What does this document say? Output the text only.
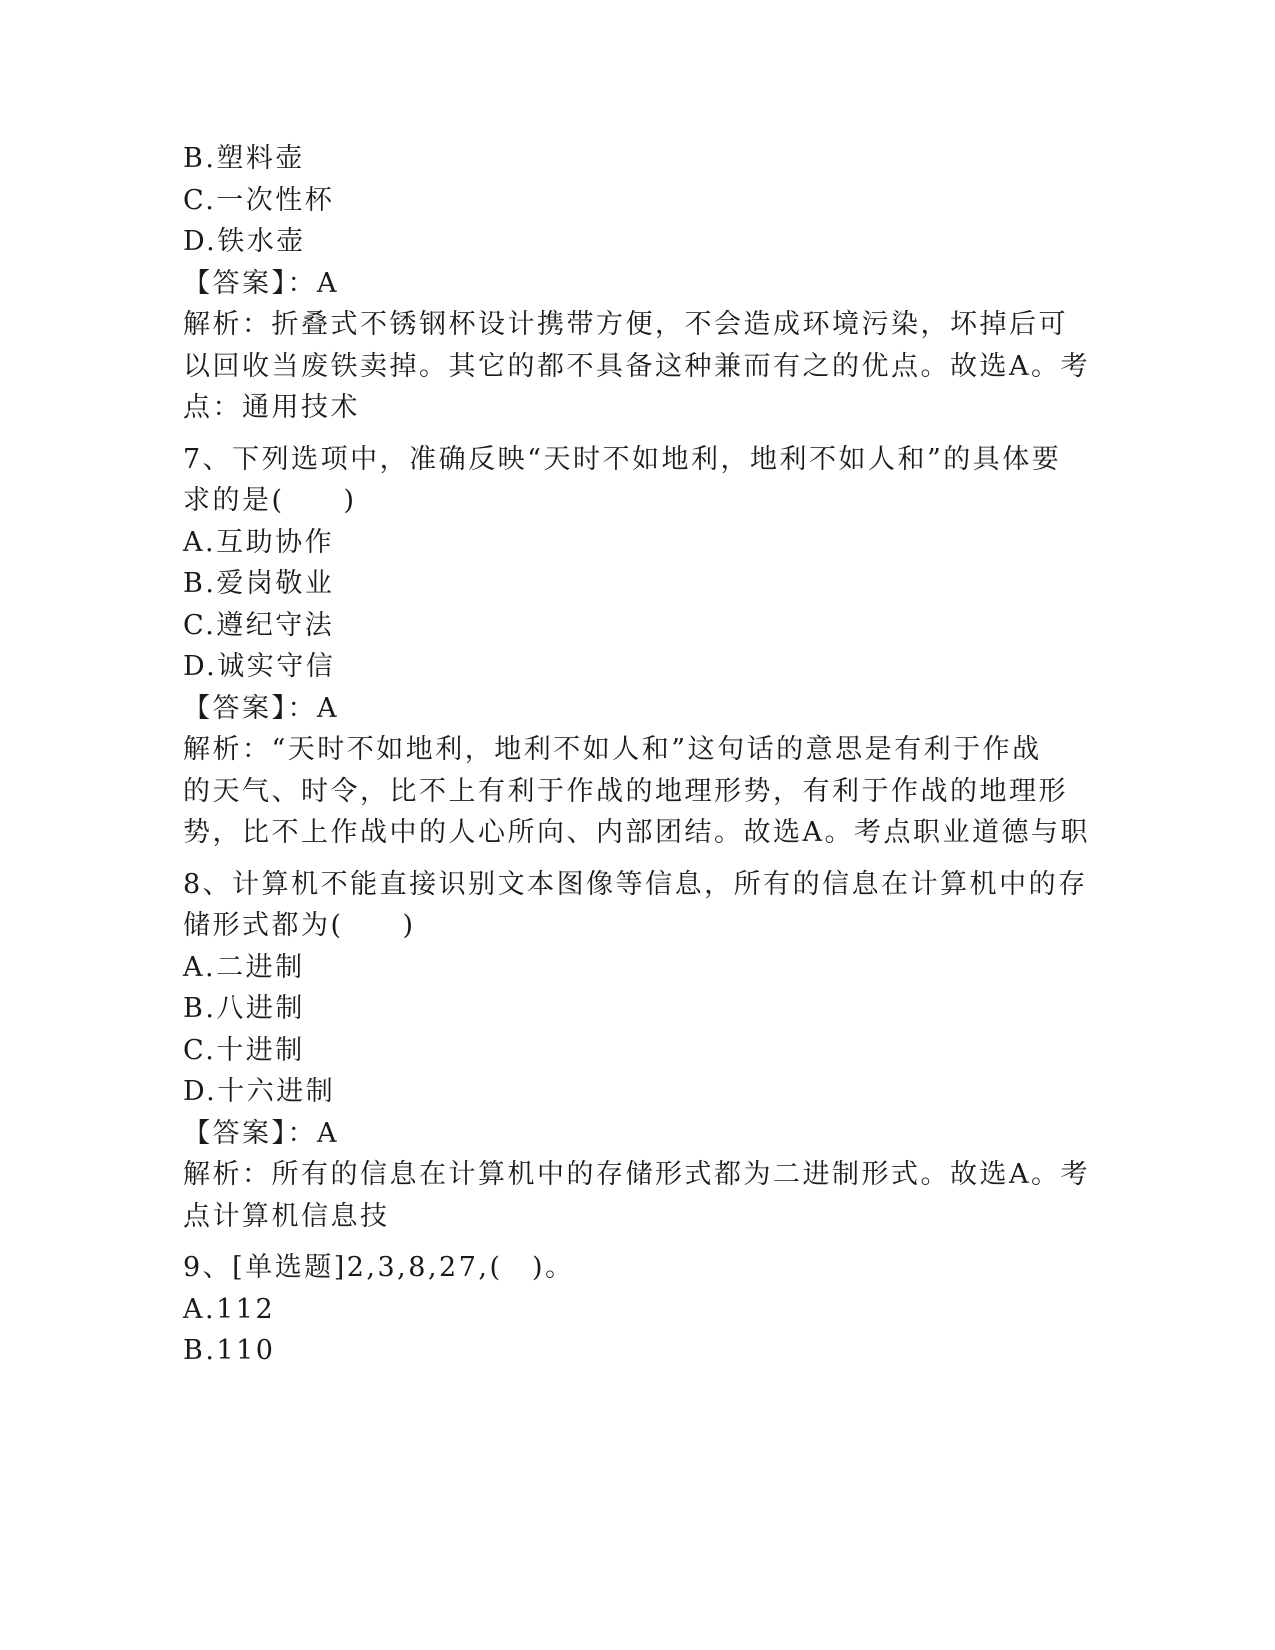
B.塑料壶
C.一次性杯
D.铁水壶
【答案】：A
解析：折叠式不锈钢杯设计携带方便，不会造成环境污染，坏掉后可
以回收当废铁卖掉。其它的都不具备这种兼而有之的优点。故选A。考
点：通用技术
7、下列选项中，准确反映“天时不如地利，地利不如人和”的具体要
求的是(　　)
A.互助协作
B.爱岗敬业
C.遵纪守法
D.诚实守信
【答案】：A
解析：“天时不如地利，地利不如人和”这句话的意思是有利于作战
的天气、时令，比不上有利于作战的地理形势，有利于作战的地理形
势，比不上作战中的人心所向、内部团结。故选A。考点职业道德与职
8、计算机不能直接识别文本图像等信息，所有的信息在计算机中的存
储形式都为(　　)
A.二进制
B.八进制
C.十进制
D.十六进制
【答案】：A
解析：所有的信息在计算机中的存储形式都为二进制形式。故选A。考
点计算机信息技
9、[单选题]2,3,8,27,(　)。
A.112
B.110
